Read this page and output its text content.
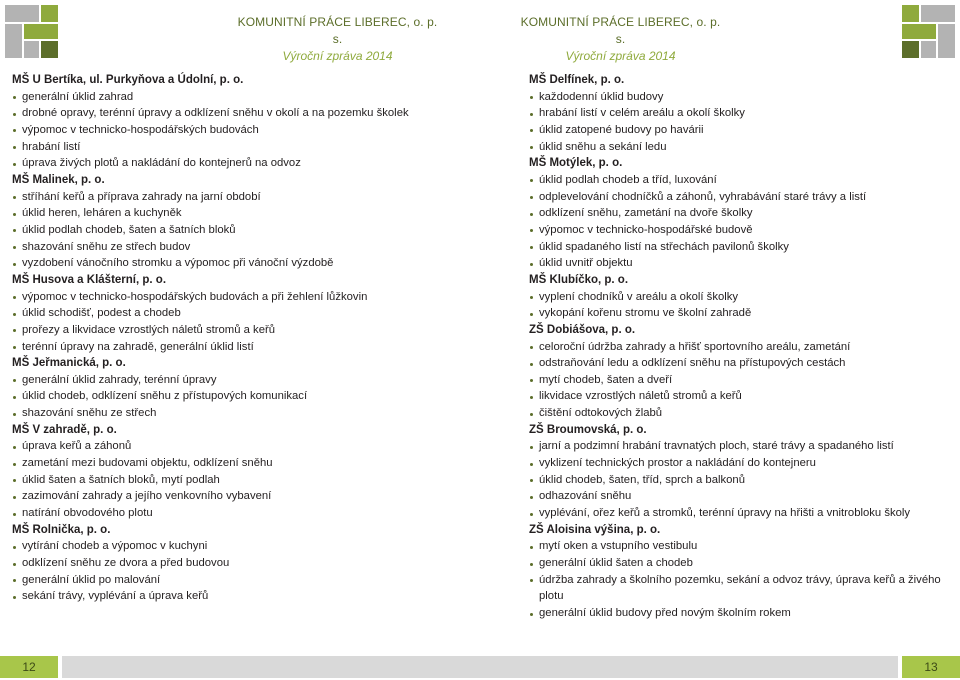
KOMUNITNÍ PRÁCE LIBEREC, o. p. s.
Výroční zpráva 2014
KOMUNITNÍ PRÁCE LIBEREC, o. p. s.
Výroční zpráva 2014
MŠ U Bertíka, ul. Purkyňova a Údolní, p. o.
generální úklid zahrad
drobné opravy, terénní úpravy a odklízení sněhu v okolí a na pozemku školek
výpomoc v technicko-hospodářských budovách
hrabání listí
úprava živých plotů a nakládání do kontejnerů na odvoz
MŠ Malinek, p. o.
stříhání keřů a příprava zahrady na jarní období
úklid heren, leháren a kuchyněk
úklid podlah chodeb, šaten a šatních bloků
shazování sněhu ze střech budov
vyzdobení vánočního stromku a výpomoc při vánoční výzdobě
MŠ Husova a Klášterní, p. o.
výpomoc v technicko-hospodářských budovách a při žehlení lůžkovin
úklid schodišť, podest a chodeb
prořezy a likvidace vzrostlých náletů stromů a keřů
terénní úpravy na zahradě, generální úklid listí
MŠ Jeřmanická, p. o.
generální úklid zahrady, terénní úpravy
úklid chodeb, odklízení sněhu z přístupových komunikací
shazování sněhu ze střech
MŠ V zahradě, p. o.
úprava keřů a záhonů
zametání mezi budovami objektu, odklízení sněhu
úklid šaten a šatních bloků, mytí podlah
zazimování zahrady a jejího venkovního vybavení
natírání obvodového plotu
MŠ Rolnička, p. o.
vytírání chodeb a výpomoc v kuchyni
odklízení sněhu ze dvora a před budovou
generální úklid po malování
sekání trávy, vyplévání a úprava keřů
MŠ Delfínek, p. o.
každodenní úklid budovy
hrabání listí v celém areálu a okolí školky
úklid zatopené budovy po havárii
úklid sněhu a sekání ledu
MŠ Motýlek, p. o.
úklid podlah chodeb a tříd, luxování
odplevelování chodníčků a záhonů, vyhrabávání staré trávy a listí
odklízení sněhu, zametání na dvoře školky
výpomoc v technicko-hospodářské budově
úklid spadaného listí na střechách pavilonů školky
úklid uvnitř objektu
MŠ Klubíčko, p. o.
vyplení chodníků v areálu a okolí školky
vykopání kořenu stromu ve školní zahradě
ZŠ Dobiášova, p. o.
celoroční údržba zahrady a hřišť sportovního areálu, zametání
odstraňování ledu a odklízení sněhu na přístupových cestách
mytí chodeb, šaten a dveří
likvidace vzrostlých náletů stromů a keřů
čištění odtokových žlabů
ZŠ Broumovská, p. o.
jarní a podzimní hrabání travnatých ploch, staré trávy a spadaného listí
vyklizení technických prostor a nakládání do kontejneru
úklid chodeb, šaten, tříd, sprch a balkonů
odhazování sněhu
vyplévání, ořez keřů a stromků, terénní úpravy na hřišti a vnitrobloku školy
ZŠ Aloisina výšina, p. o.
mytí oken a vstupního vestibulu
generální úklid šaten a chodeb
údržba zahrady a školního pozemku, sekání a odvoz trávy, úprava keřů a živého plotu
generální úklid budovy před novým školním rokem
12	13
